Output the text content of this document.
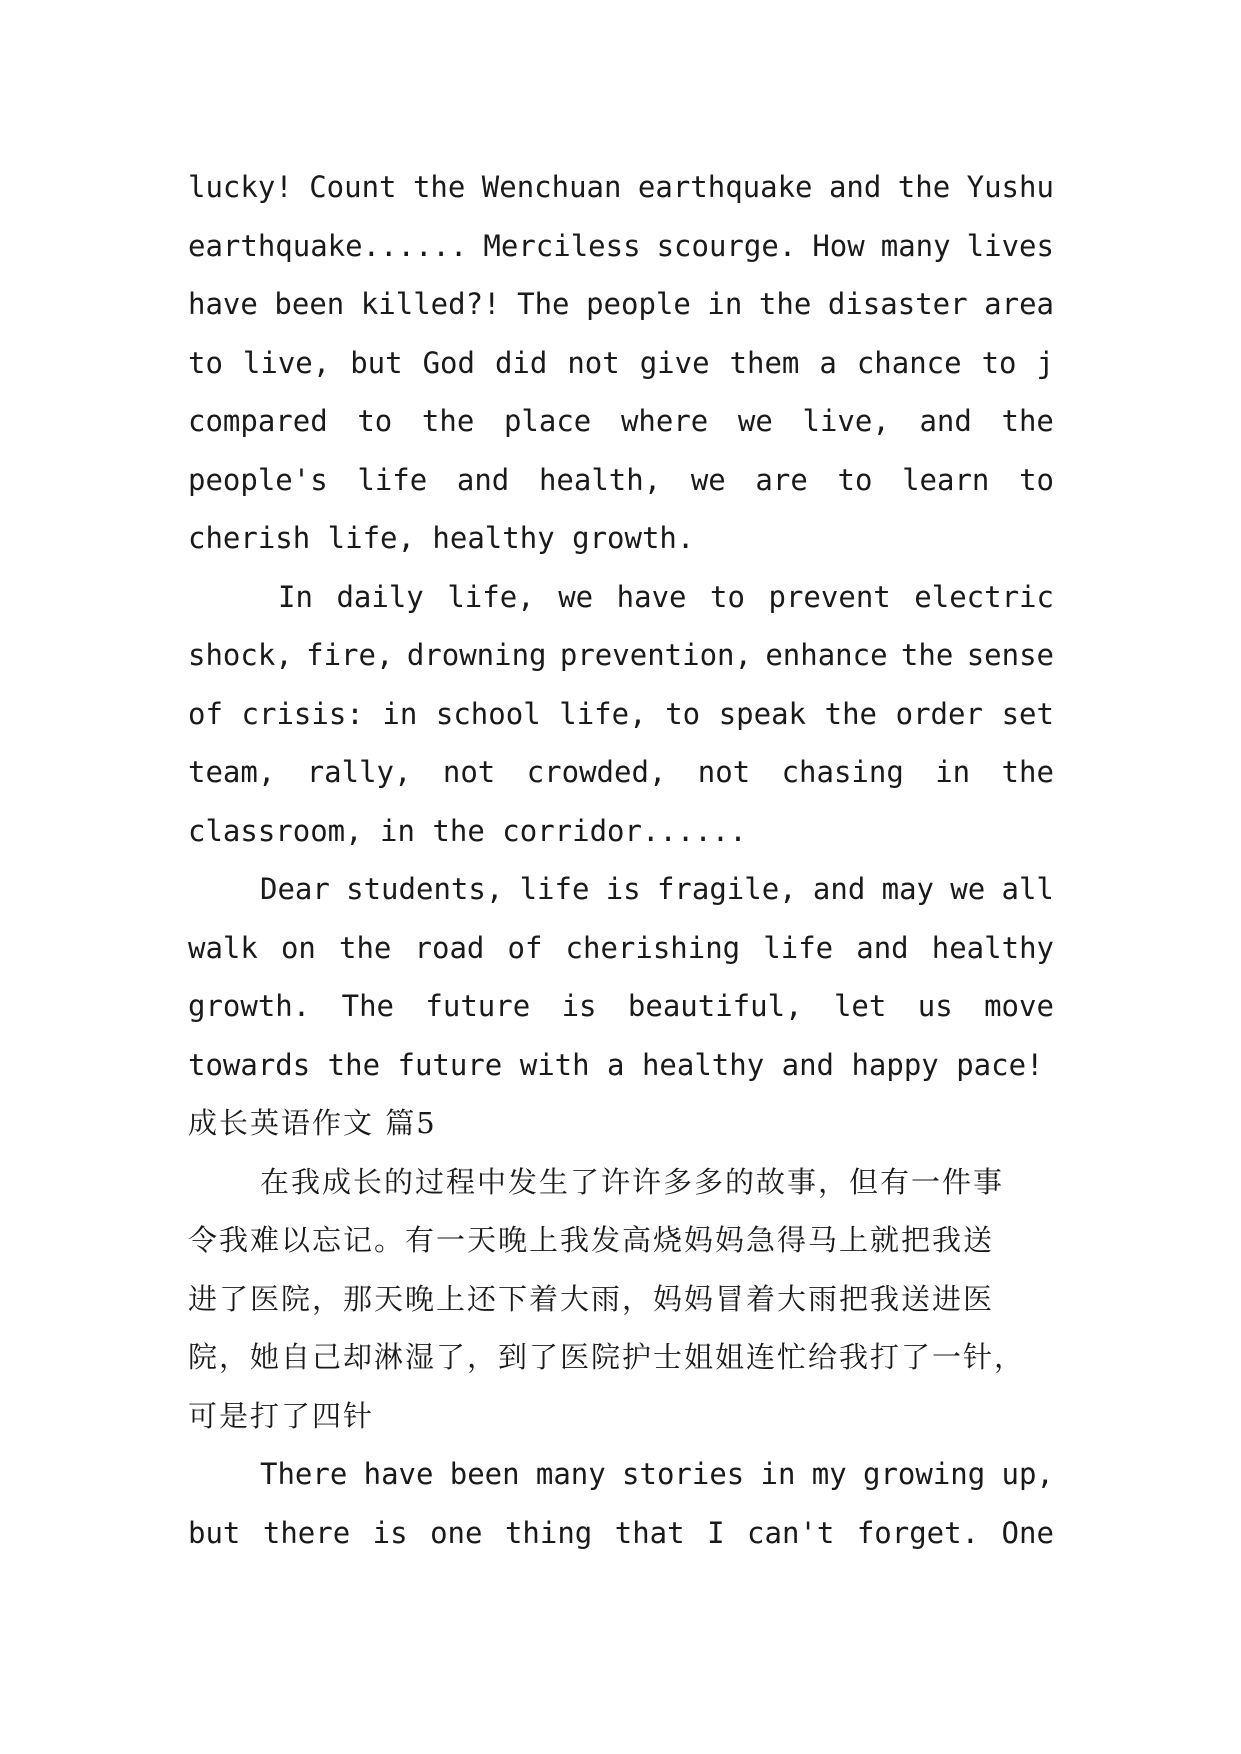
lucky! Count the Wenchuan earthquake and the Yushu
earthquake...... Merciless scourge. How many lives
have been killed?! The people in the disaster area
to live, but God did not give them a chance to j
compared to the place where we live, and the
people's life and health, we are to learn to
cherish life, healthy growth.
In daily life, we have to prevent electric
shock, fire, drowning prevention, enhance the sense
of crisis: in school life, to speak the order set
team, rally, not crowded, not chasing in the
classroom, in the corridor......
Dear students, life is fragile, and may we all
walk on the road of cherishing life and healthy
growth. The future is beautiful, let us move
towards the future with a healthy and happy pace!
成长英语作文 篇5
在我成长的过程中发生了许许多多的故事，但有一件事
令我难以忘记。有一天晚上我发高烧妈妈急得马上就把我送
进了医院，那天晚上还下着大雨，妈妈冒着大雨把我送进医
院，她自己却淋湿了，到了医院护士姐姐连忙给我打了一针，
可是打了四针
There have been many stories in my growing up,
but there is one thing that I can't forget. One
